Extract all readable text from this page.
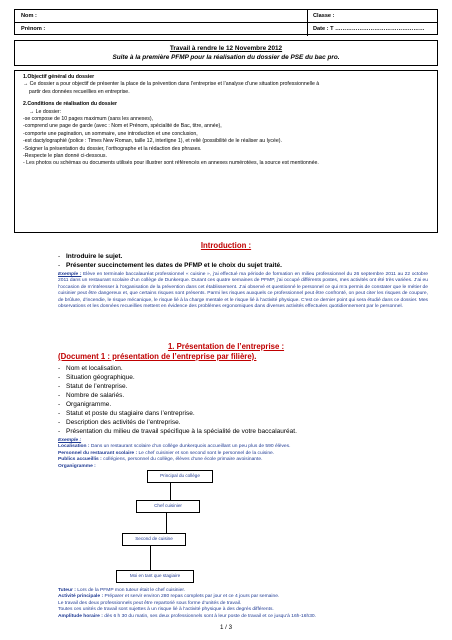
Nom :	Classe :
Prénom :	Date : T …………………………………………
Travail à rendre le 12 Novembre 2012
Suite à la première PFMP pour la réalisation du dossier de PSE du bac pro.
1.Objectif général du dossier
→ Ce dossier a pour objectif de présenter la place de la prévention dans l’entreprise et l’analyse d’une situation professionnelle à
partir des données recueillies en entreprise.
2.Conditions de réalisation du dossier
→ Le dossier:
-se compose de 10 pages maximum (sans les annexes),
-comprend une page de garde (avec : Nom et Prénom, spécialité de Bac, titre, année),
-comporte une pagination, un sommaire, une introduction et une conclusion,
-est dactylographié (police : Times New Roman, taille 12, interligne 1), et relié (possibilité de le réaliser au lycée).
-Soigner la présentation du dossier, l’orthographe et la rédaction des phrases.
-Respecte le plan donné ci-dessous.
- Les photos ou schémas ou documents utilisés pour illustrer sont référencés en annexes numérotées, la source est mentionnée.
Introduction :
- Introduire le sujet.
- Présenter succinctement les dates de PFMP et le choix du sujet traité.
Exemple : Elève en terminale baccalauréat professionnel « cuisine », j’ai effectué ma période de formation en milieu professionnel du 26 septembre 2011 au 22 octobre 2011 dans un restaurant scolaire d’un collège de Dunkerque. Durant ces quatre semaines de PFMP, j’ai occupé différents postes, mes activités ont été très variées. J’ai eu l’occasion de m’intéresser à l’organisation de la prévention dans cet établissement. J’ai observé et questionné le personnel ce qui m’a permis de constater que le métier de cuisinier peut être dangereux et, que certains risques sont présents. Parmi les risques auxquels ce professionnel peut être confronté, on peut citer les risques de coupure, de brûlure, d’incendie, le risque mécanique, le risque lié à la charge mentale et le risque lié à l’activité physique. C’est ce dernier point qui sera étudié dans ce dossier. Mes observations et les données recueillies mettent en évidence des problèmes ergonomiques dans diverses activités effectuées quotidiennement par le personnel.
1. Présentation de l’entreprise :
(Document 1 : présentation de l’entreprise par filière).
- Nom et localisation.
- Situation géographique.
- Statut de l’entreprise.
- Nombre de salariés.
- Organigramme.
- Statut et poste du stagiaire dans l’entreprise.
- Description des activités de l’entreprise.
- Présentation du milieu de travail spécifique à la spécialité de votre baccalauréat.
Exemple :
Localisation : Dans un restaurant scolaire d’un collège dunkerquois accueillant un peu plus de 590 élèves.
Personnel du restaurant scolaire : Le chef cuisinier et son second sont le personnel de la cuisine.
Publics accueillis : collégiens, personnel du collège, élèves d’une école primaire avoisinante.
Organigramme :
Principal du collège
Chef cuisinier
Second de cuisine
Moi en tant que stagiaire
Tuteur : Lors de la PFMP mon tuteur était le chef cuisinier.
Activité principale : Préparer et servir environ 280 repas complets par jour et ce 4 jours par semaine.
Le travail des deux professionnels peut être repartorié sous forme d’unités de travail.
Toutes ces unités de travail sont sujettes à un risque lié à l’activité physique à des degrés différents.
Amplitude horaire : dès 6 h 30 du matin, ses deux professionnels sont à leur poste de travail et ce jusqu’à 16h-16h30.
1 / 3
